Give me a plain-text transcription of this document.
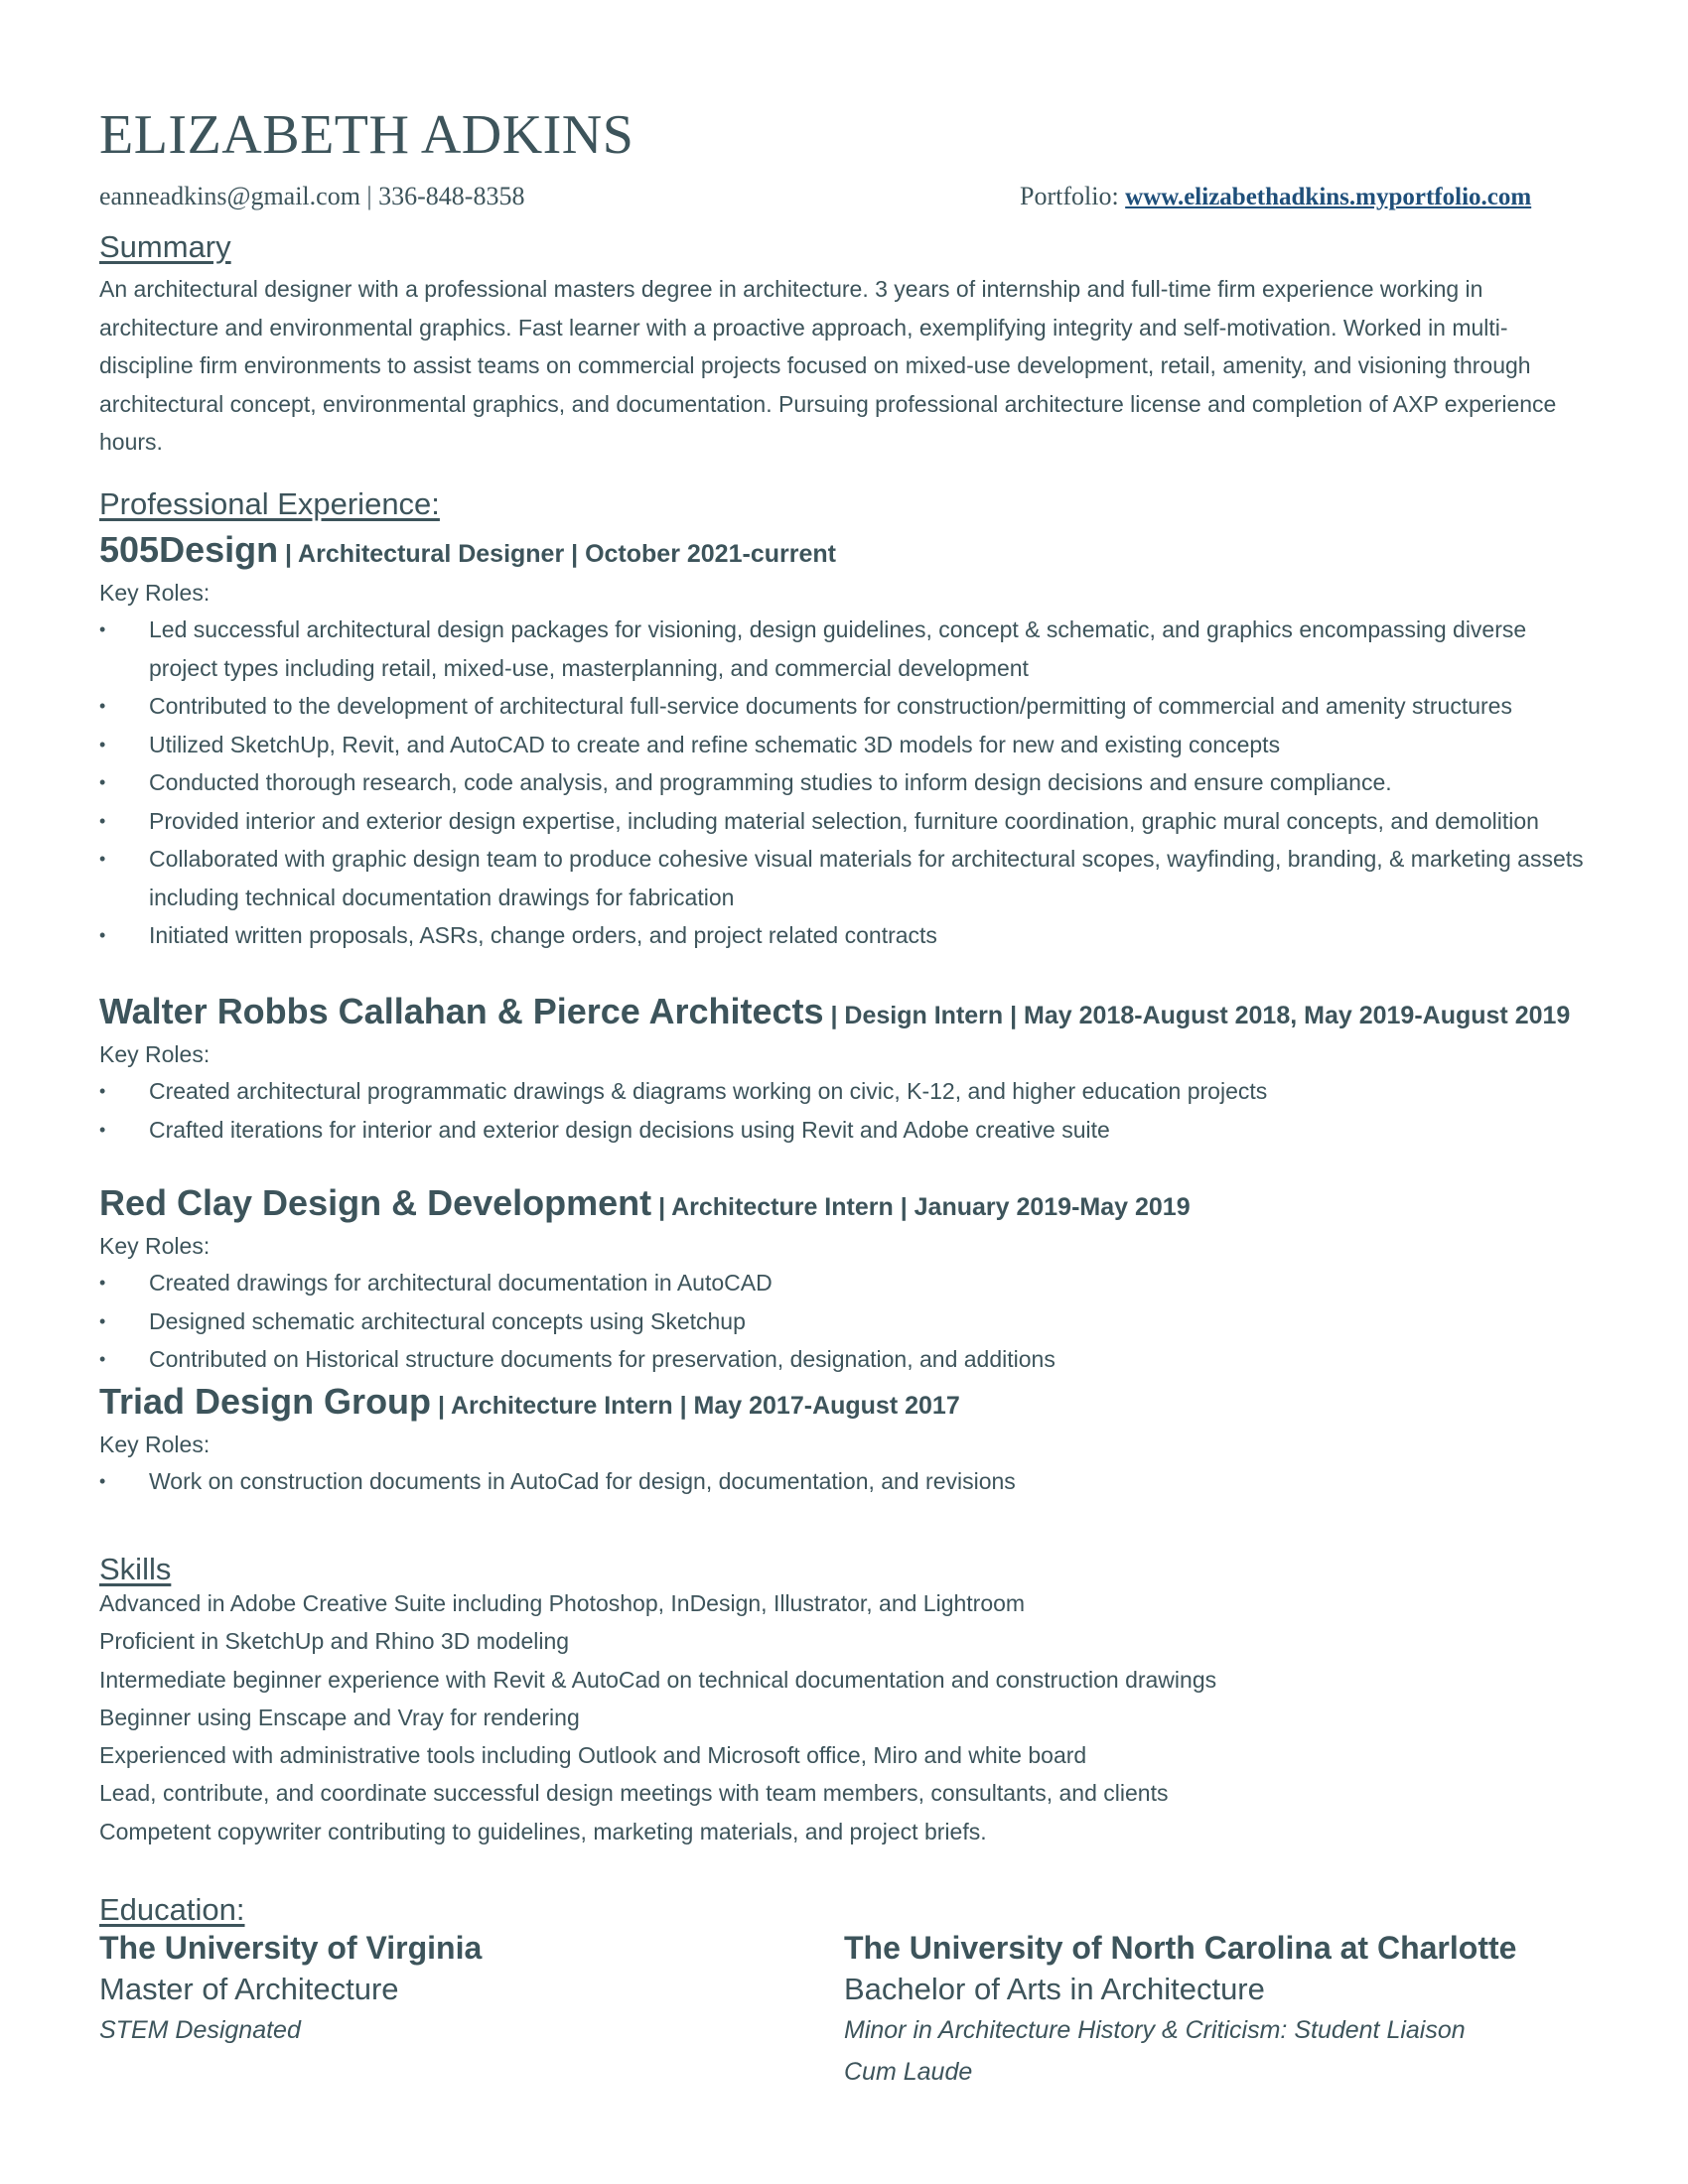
ELIZABETH ADKINS
eanneadkins@gmail.com | 336-848-8358	Portfolio: www.elizabethadkins.myportfolio.com
Summary

An architectural designer with a professional masters degree in architecture. 3 years of internship and full-time firm experience working in architecture and environmental graphics. Fast learner with a proactive approach, exemplifying integrity and self-motivation. Worked in multi-discipline firm environments to assist teams on commercial projects focused on mixed-use development, retail, amenity, and visioning through architectural concept, environmental graphics, and documentation. Pursuing professional architecture license and completion of AXP experience hours.

Professional Experience:
505Design | Architectural Designer | October 2021-current
Key Roles:
• Led successful architectural design packages for visioning, design guidelines, concept & schematic, and graphics encompassing diverse project types including retail, mixed-use, masterplanning, and commercial development
• Contributed to the development of architectural full-service documents for construction/permitting of commercial and amenity structures
• Utilized SketchUp, Revit, and AutoCAD to create and refine schematic 3D models for new and existing concepts
• Conducted thorough research, code analysis, and programming studies to inform design decisions and ensure compliance.
• Provided interior and exterior design expertise, including material selection, furniture coordination, graphic mural concepts, and demolition
• Collaborated with graphic design team to produce cohesive visual materials for architectural scopes, wayfinding, branding, & marketing assets including technical documentation drawings for fabrication
• Initiated written proposals, ASRs, change orders, and project related contracts
Walter Robbs Callahan & Pierce Architects | Design Intern | May 2018-August 2018, May 2019-August 2019
Key Roles:
• Created architectural programmatic drawings & diagrams working on civic, K-12, and higher education projects
• Crafted iterations for interior and exterior design decisions using Revit and Adobe creative suite
Red Clay Design & Development | Architecture Intern | January 2019-May 2019
Key Roles:
• Created drawings for architectural documentation in AutoCAD
• Designed schematic architectural concepts using Sketchup
• Contributed on Historical structure documents for preservation, designation, and additions
Triad Design Group | Architecture Intern | May 2017-August 2017
Key Roles:
• Work on construction documents in AutoCad for design, documentation, and revisions
Skills
Advanced in Adobe Creative Suite including Photoshop, InDesign, Illustrator, and Lightroom
Proficient in SketchUp and Rhino 3D modeling
Intermediate beginner experience with Revit & AutoCad on technical documentation and construction drawings
Beginner using Enscape and Vray for rendering
Experienced with administrative tools including Outlook and Microsoft office, Miro and white board
Lead, contribute, and coordinate successful design meetings with team members, consultants, and clients
Competent copywriter contributing to guidelines, marketing materials, and project briefs.
Education:
The University of Virginia
Master of Architecture
STEM Designated
The University of North Carolina at Charlotte
Bachelor of Arts in Architecture
Minor in Architecture History & Criticism: Student Liaison
Cum Laude
